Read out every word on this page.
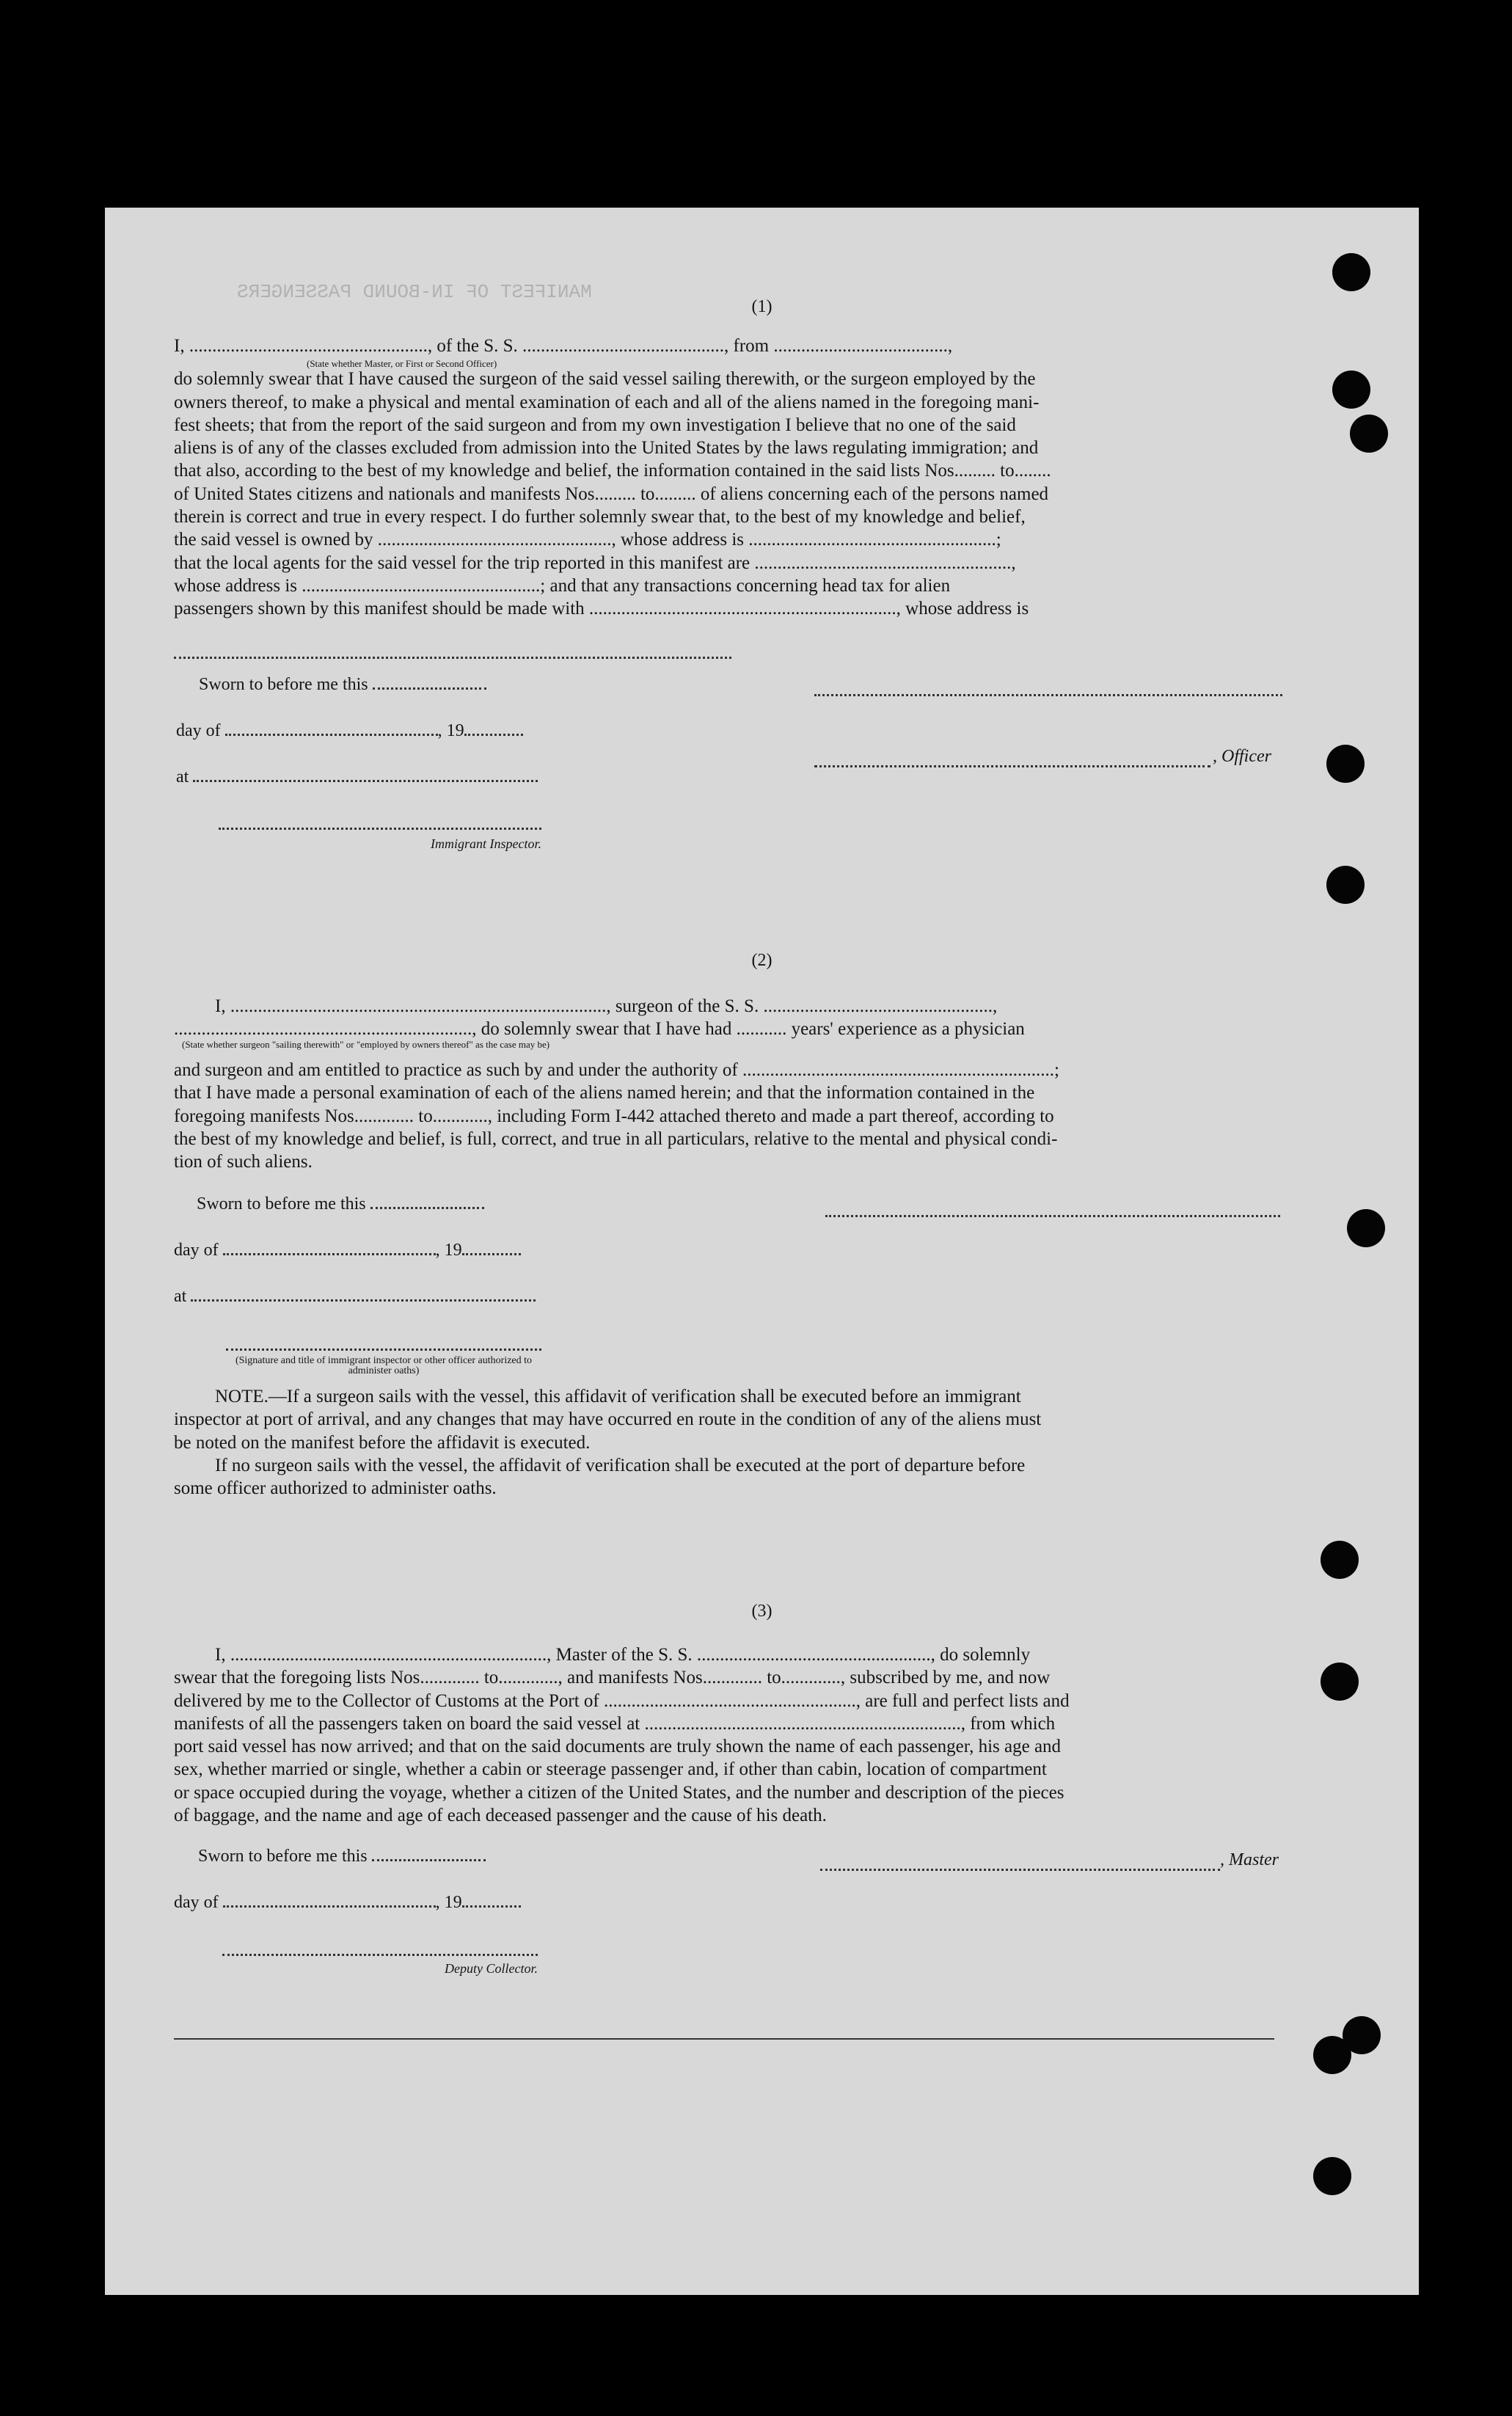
MANIFEST OF IN-BOUND PASSENGERS
(1)
I, ...................................................., of the S. S. ............................................, from ......................................,
do solemnly swear that I have caused the surgeon of the said vessel sailing therewith, or the surgeon employed by the
owners thereof, to make a physical and mental examination of each and all of the aliens named in the foregoing mani-
fest sheets; that from the report of the said surgeon and from my own investigation I believe that no one of the said
aliens is of any of the classes excluded from admission into the United States by the laws regulating immigration; and
that also, according to the best of my knowledge and belief, the information contained in the said lists Nos......... to........
of United States citizens and nationals and manifests Nos......... to......... of aliens concerning each of the persons named
therein is correct and true in every respect. I do further solemnly swear that, to the best of my knowledge and belief,
the said vessel is owned by ..................................................., whose address is ......................................................;
that the local agents for the said vessel for the trip reported in this manifest are ........................................................,
whose address is ....................................................; and that any transactions concerning head tax for alien
passengers shown by this manifest should be made with ..................................................................., whose address is
(State whether Master, or First or Second Officer)
Sworn to before me this
day of	, 19
at
Immigrant Inspector.
, Officer
(2)
I, .................................................................................., surgeon of the S. S. ..................................................,
................................................................., do solemnly swear that I have had ........... years' experience as a physician
(State whether surgeon "sailing therewith" or "employed by owners thereof" as the case may be)
and surgeon and am entitled to practice as such by and under the authority of ....................................................................;
that I have made a personal examination of each of the aliens named herein; and that the information contained in the
foregoing manifests Nos............. to............, including Form I-442 attached thereto and made a part thereof, according to
the best of my knowledge and belief, is full, correct, and true in all particulars, relative to the mental and physical condi-
tion of such aliens.
Sworn to before me this
day of	, 19
at
(Signature and title of immigrant inspector or other officer authorized to administer oaths)
NOTE.—If a surgeon sails with the vessel, this affidavit of verification shall be executed before an immigrant
inspector at port of arrival, and any changes that may have occurred en route in the condition of any of the aliens must
be noted on the manifest before the affidavit is executed.
If no surgeon sails with the vessel, the affidavit of verification shall be executed at the port of departure before
some officer authorized to administer oaths.
(3)
I, ....................................................................., Master of the S. S. ..................................................., do solemnly
swear that the foregoing lists Nos............. to............., and manifests Nos............. to............., subscribed by me, and now
delivered by me to the Collector of Customs at the Port of ......................................................., are full and perfect lists and
manifests of all the passengers taken on board the said vessel at ....................................................................., from which
port said vessel has now arrived; and that on the said documents are truly shown the name of each passenger, his age and
sex, whether married or single, whether a cabin or steerage passenger and, if other than cabin, location of compartment
or space occupied during the voyage, whether a citizen of the United States, and the number and description of the pieces
of baggage, and the name and age of each deceased passenger and the cause of his death.
Sworn to before me this
day of	, 19
Deputy Collector.
, Master
